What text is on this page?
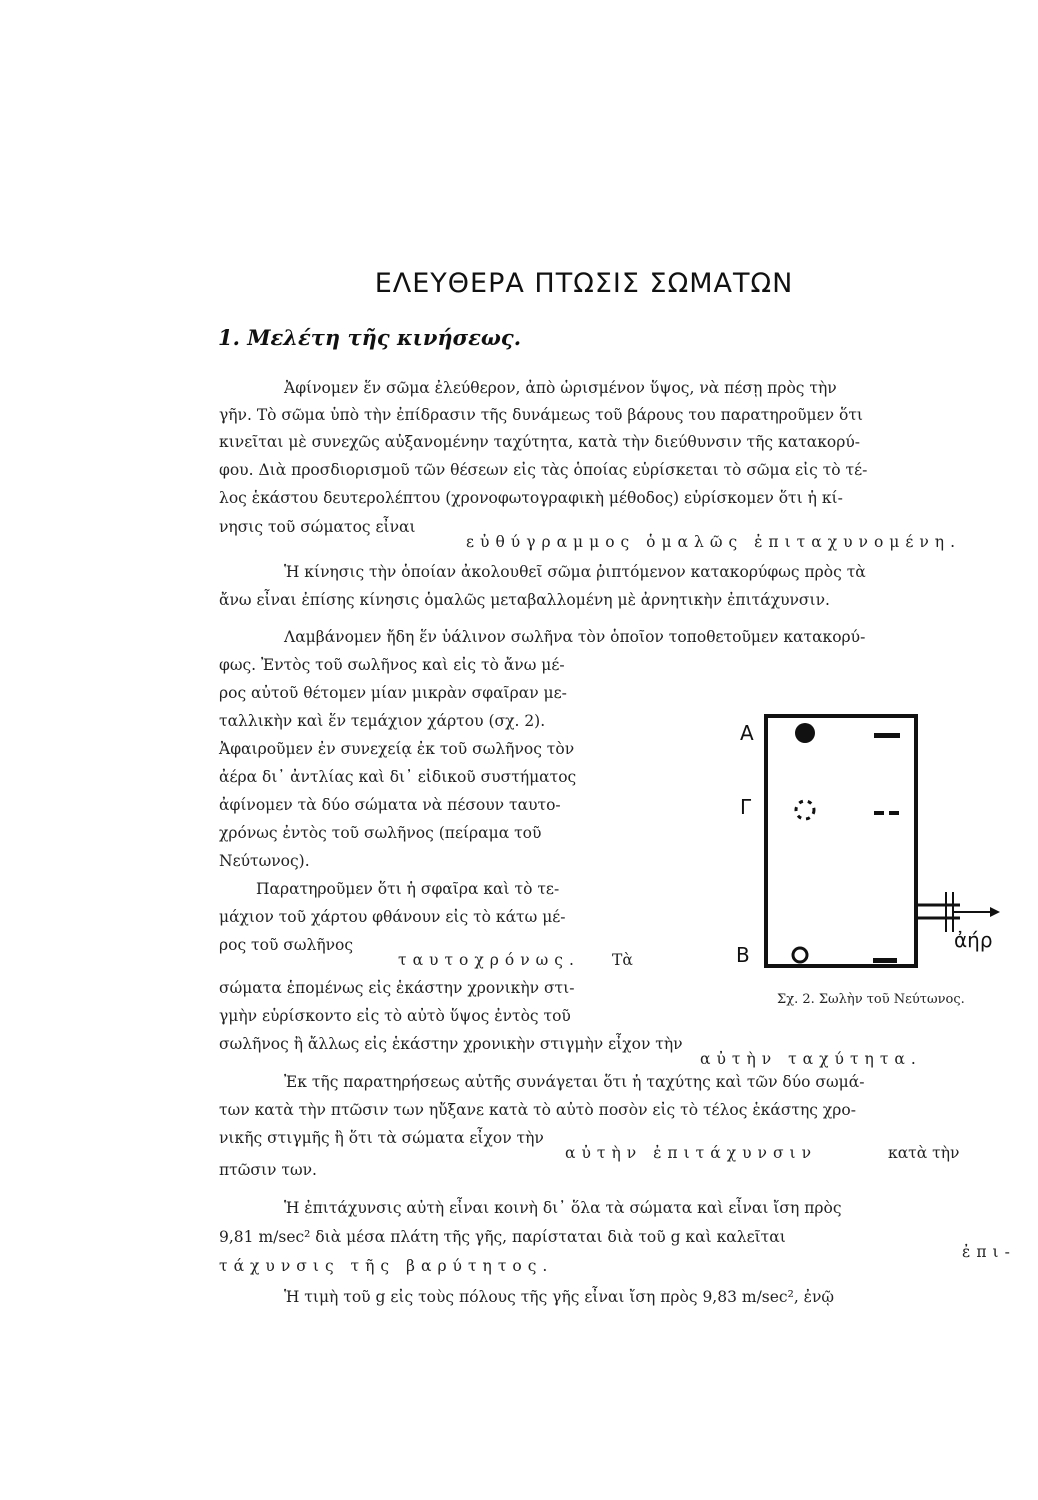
ΕΛΕΥΘΕΡΑ ΠΤΩΣΙΣ ΣΩΜΑΤΩΝ
1. Μελέτη τῆς κινήσεως.
Ἀφίνομεν ἕν σῶμα ἐλεύθερον, ἀπὸ ὡρισμένον ὕψος, νὰ πέσῃ πρὸς τὴν
γῆν. Τὸ σῶμα ὑπὸ τὴν ἐπίδρασιν τῆς δυνάμεως τοῦ βάρους του παρατηροῦμεν ὅτι
κινεῖται μὲ συνεχῶς αὐξανομένην ταχύτητα, κατὰ τὴν διεύθυνσιν τῆς κατακορύ-
φου. Διὰ προσδιορισμοῦ τῶν θέσεων εἰς τὰς ὁποίας εὑρίσκεται τὸ σῶμα εἰς τὸ τέ-
λος ἑκάστου δευτερολέπτου (χρονοφωτογραφικὴ μέθοδος) εὑρίσκομεν ὅτι ἡ κί-
νησις τοῦ σώματος εἶναι
εὐθύγραμμος ὁμαλῶς ἐπιταχυνομένη.
Ἡ κίνησις τὴν ὁποίαν ἀκολουθεῖ σῶμα ῥιπτόμενον κατακορύφως πρὸς τὰ
ἄνω εἶναι ἐπίσης κίνησις ὁμαλῶς μεταβαλλομένη μὲ ἀρνητικὴν ἐπιτάχυνσιν.
Λαμβάνομεν ἤδη ἕν ὑάλινον σωλῆνα τὸν ὁποῖον τοποθετοῦμεν κατακορύ-
φως. Ἐντὸς τοῦ σωλῆνος καὶ εἰς τὸ ἄνω μέ-
ρος αὐτοῦ θέτομεν μίαν μικρὰν σφαῖραν με-
ταλλικὴν καὶ ἕν τεμάχιον χάρτου (σχ. 2).
Ἀφαιροῦμεν ἐν συνεχείᾳ ἐκ τοῦ σωλῆνος τὸν
ἀέρα δι᾽ ἀντλίας καὶ δι᾽ εἰδικοῦ συστήματος
ἀφίνομεν τὰ δύο σώματα νὰ πέσουν ταυτο-
χρόνως ἐντὸς τοῦ σωλῆνος (πείραμα τοῦ
Νεύτωνος).
Παρατηροῦμεν ὅτι ἡ σφαῖρα καὶ τὸ τε-
μάχιον τοῦ χάρτου φθάνουν εἰς τὸ κάτω μέ-
ρος τοῦ σωλῆνος
ταυτοχρόνως. Τὰ
σώματα ἑπομένως εἰς ἑκάστην χρονικὴν στι-
γμὴν εὑρίσκοντο εἰς τὸ αὐτὸ ὕψος ἐντὸς τοῦ
σωλῆνος ἢ ἄλλως εἰς ἑκάστην χρονικὴν στιγμὴν εἶχον τὴν
αὐτὴν ταχύτητα.
Ἐκ τῆς παρατηρήσεως αὐτῆς συνάγεται ὅτι ἡ ταχύτης καὶ τῶν δύο σωμά-
των κατὰ τὴν πτῶσιν των ηὔξανε κατὰ τὸ αὐτὸ ποσὸν εἰς τὸ τέλος ἑκάστης χρο-
νικῆς στιγμῆς ἢ ὅτι τὰ σώματα εἶχον τὴν
αὐτὴν ἐπιτάχυνσιν	κατὰ τὴν
πτῶσιν των.
Ἡ ἐπιτάχυνσις αὐτὴ εἶναι κοινὴ δι᾽ ὅλα τὰ σώματα καὶ εἶναι ἴση πρὸς
9,81 m/sec² διὰ μέσα πλάτη τῆς γῆς, παρίσταται διὰ τοῦ g καὶ καλεῖται
ἐπι-
τάχυνσις τῆς βαρύτητος.
Ἡ τιμὴ τοῦ g εἰς τοὺς πόλους τῆς γῆς εἶναι ἴση πρὸς 9,83 m/sec², ἐνῷ
Α
Γ
Β
ἀήρ
Σχ. 2. Σωλὴν τοῦ Νεύτωνος.
